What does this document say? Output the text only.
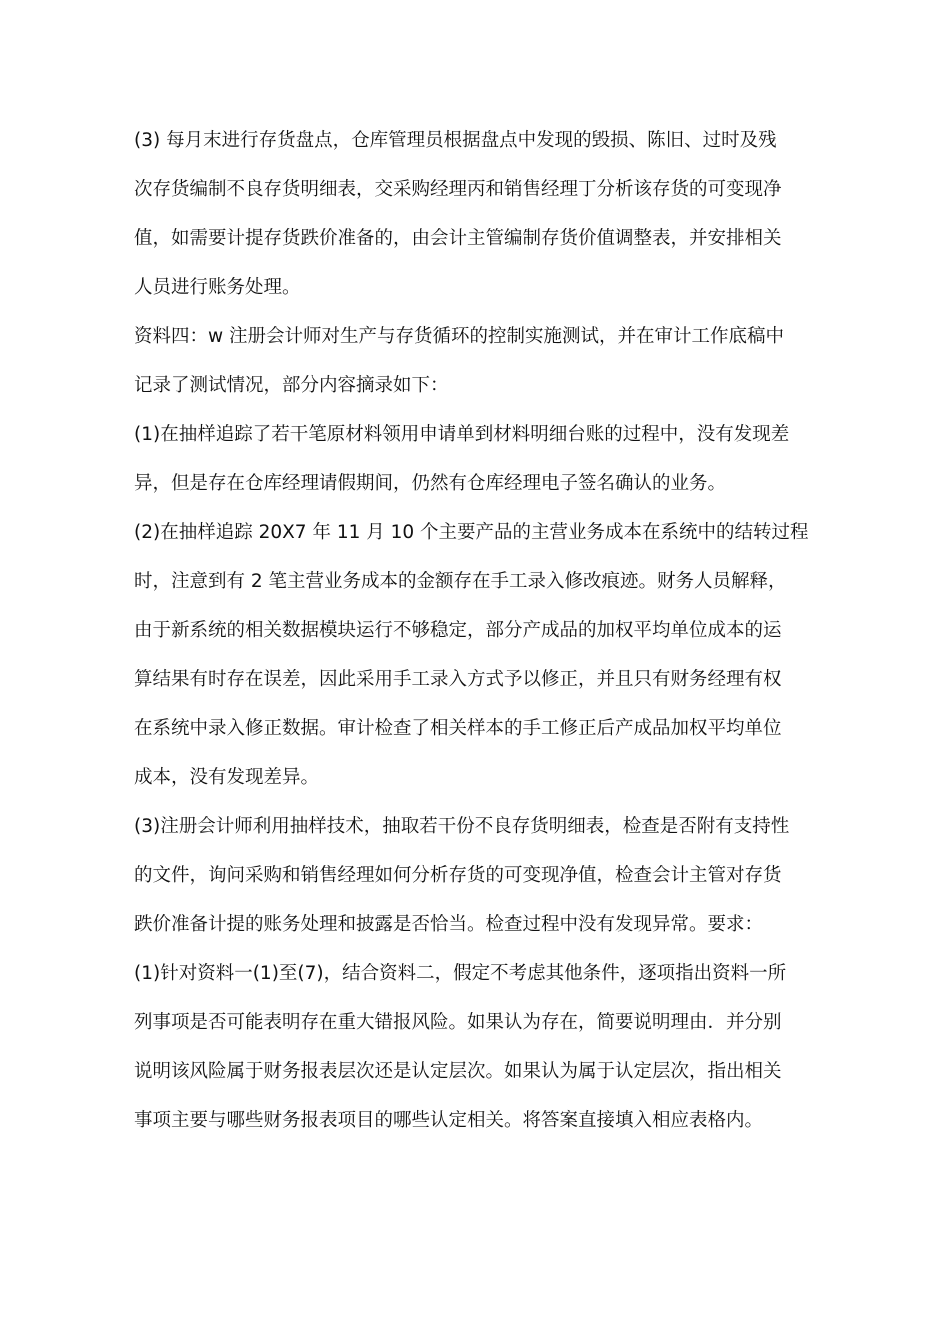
(3) 每月末进行存货盘点，仓库管理员根据盘点中发现的毁损、陈旧、过时及残
次存货编制不良存货明细表，交采购经理丙和销售经理丁分析该存货的可变现净
值，如需要计提存货跌价准备的，由会计主管编制存货价值调整表，并安排相关
人员进行账务处理。
资料四：w 注册会计师对生产与存货循环的控制实施测试，并在审计工作底稿中
记录了测试情况，部分内容摘录如下：
(1)在抽样追踪了若干笔原材料领用申请单到材料明细台账的过程中，没有发现差
异，但是存在仓库经理请假期间，仍然有仓库经理电子签名确认的业务。
(2)在抽样追踪 20X7 年 11 月 10 个主要产品的主营业务成本在系统中的结转过程
时，注意到有 2 笔主营业务成本的金额存在手工录入修改痕迹。财务人员解释，
由于新系统的相关数据模块运行不够稳定，部分产成品的加权平均单位成本的运
算结果有时存在误差，因此采用手工录入方式予以修正，并且只有财务经理有权
在系统中录入修正数据。审计检查了相关样本的手工修正后产成品加权平均单位
成本，没有发现差异。
(3)注册会计师利用抽样技术，抽取若干份不良存货明细表，检查是否附有支持性
的文件，询问采购和销售经理如何分析存货的可变现净值，检查会计主管对存货
跌价准备计提的账务处理和披露是否恰当。检查过程中没有发现异常。要求：
(1)针对资料一(1)至(7)，结合资料二，假定不考虑其他条件，逐项指出资料一所
列事项是否可能表明存在重大错报风险。如果认为存在，简要说明理由．并分别
说明该风险属于财务报表层次还是认定层次。如果认为属于认定层次，指出相关
事项主要与哪些财务报表项目的哪些认定相关。将答案直接填入相应表格内。
